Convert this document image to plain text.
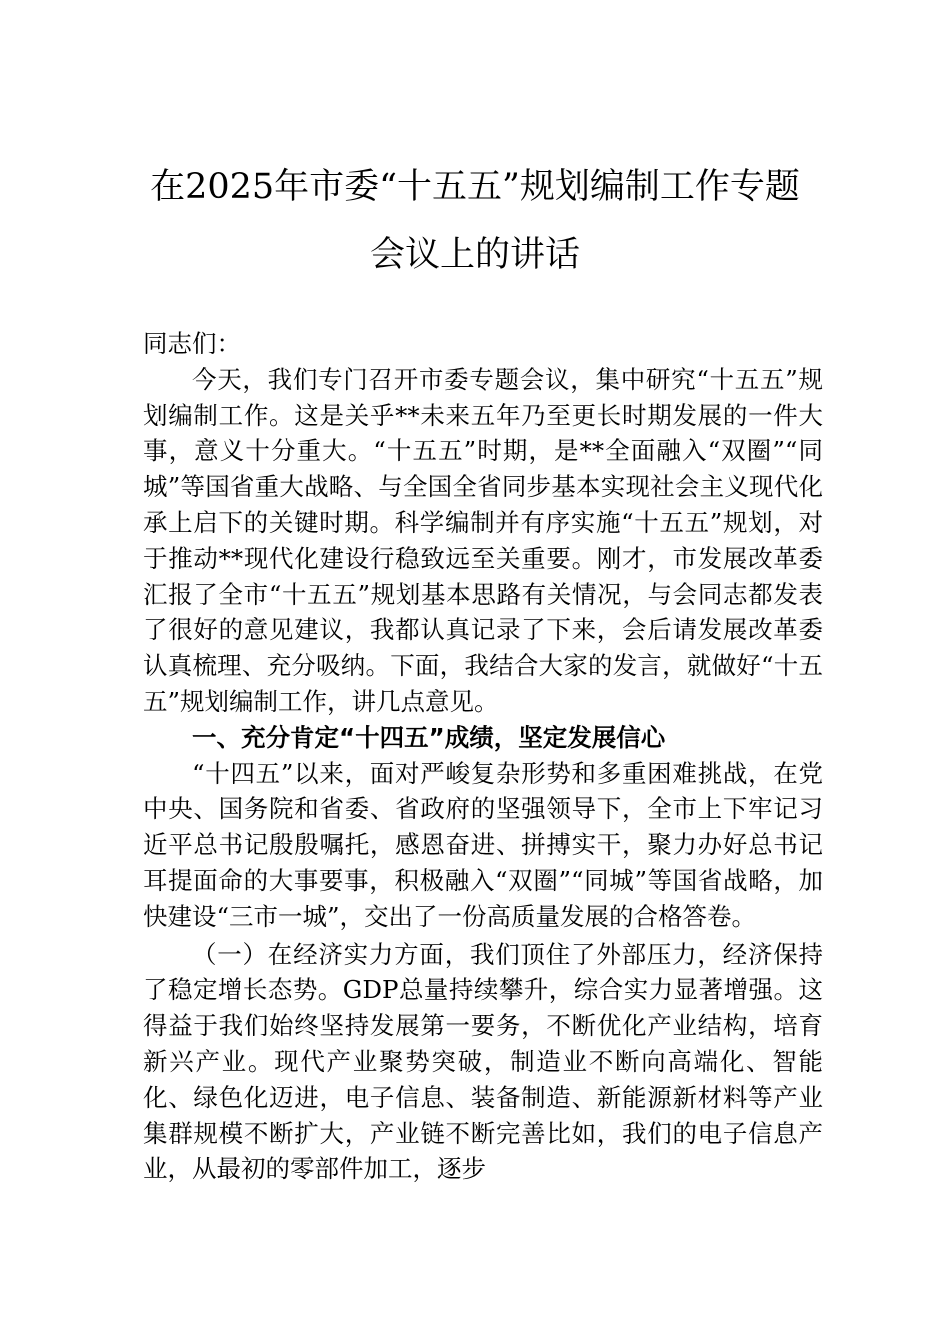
在2025年市委“十五五”规划编制工作专题
会议上的讲话

同志们：

今天，我们专门召开市委专题会议，集中研究“十五五”规划编制工作。这是关乎**未来五年乃至更长时期发展的一件大事，意义十分重大。“十五五”时期，是**全面融入“双圈”“同城”等国省重大战略、与全国全省同步基本实现社会主义现代化承上启下的关键时期。科学编制并有序实施“十五五”规划，对于推动**现代化建设行稳致远至关重要。刚才，市发展改革委汇报了全市“十五五”规划基本思路有关情况，与会同志都发表了很好的意见建议，我都认真记录了下来，会后请发展改革委认真梳理、充分吸纳。下面，我结合大家的发言，就做好“十五五”规划编制工作，讲几点意见。

一、充分肯定“十四五”成绩，坚定发展信心

“十四五”以来，面对严峻复杂形势和多重困难挑战，在党中央、国务院和省委、省政府的坚强领导下，全市上下牢记习近平总书记殷殷嘱托，感恩奋进、拼搏实干，聚力办好总书记耳提面命的大事要事，积极融入“双圈”“同城”等国省战略，加快建设“三市一城”，交出了一份高质量发展的合格答卷。

（一）在经济实力方面，我们顶住了外部压力，经济保持了稳定增长态势。GDP总量持续攀升，综合实力显著增强。这得益于我们始终坚持发展第一要务，不断优化产业结构，培育新兴产业。现代产业聚势突破，制造业不断向高端化、智能化、绿色化迈进，电子信息、装备制造、新能源新材料等产业集群规模不断扩大，产业链不断完善比如，我们的电子信息产业，从最初的零部件加工，逐步
